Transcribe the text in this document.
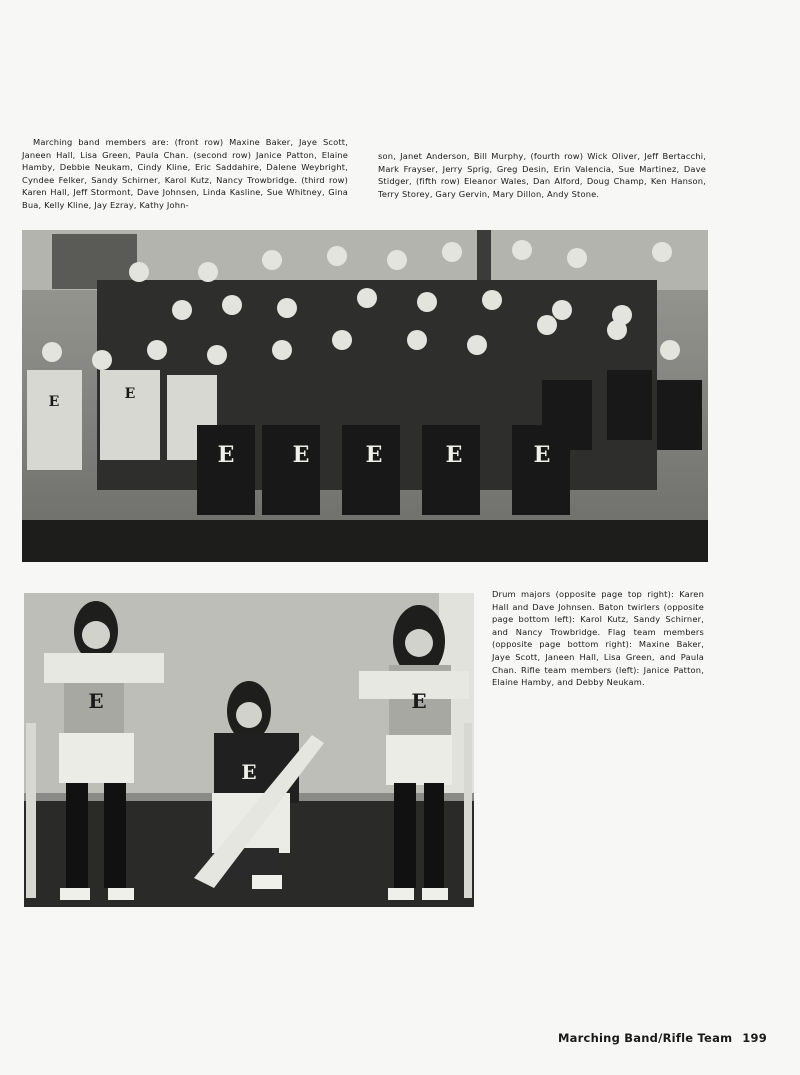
Marching band members are: (front row) Maxine Baker, Jaye Scott, Janeen Hall, Lisa Green, Paula Chan. (second row) Janice Patton, Elaine Hamby, Debbie Neukam, Cindy Kline, Eric Saddahire, Dalene Weybright, Cyndee Felker, Sandy Schirner, Karol Kutz, Nancy Trowbridge. (third row) Karen Hall, Jeff Stormont, Dave Johnsen, Linda Kasline, Sue Whitney, Gina Bua, Kelly Kline, Jay Ezray, Kathy John-

son, Janet Anderson, Bill Murphy, (fourth row) Wick Oliver, Jeff Bertacchi, Mark Frayser, Jerry Sprig, Greg Desin, Erin Valencia, Sue Martinez, Dave Stidger, (fifth row) Eleanor Wales, Dan Alford, Doug Champ, Ken Hanson, Terry Storey, Gary Gervin, Mary Dillon, Andy Stone.

E	E	E	E	E
E	E

Drum majors (opposite page top right): Karen Hall and Dave Johnsen. Baton twirlers (opposite page bottom left): Karol Kutz, Sandy Schirner, and Nancy Trowbridge. Flag team members (opposite page bottom right): Maxine Baker, Jaye Scott, Janeen Hall, Lisa Green, and Paula Chan. Rifle team members (left): Janice Patton, Elaine Hamby, and Debby Neukam.

E
E
E
Marching Band/Rifle Team 199
